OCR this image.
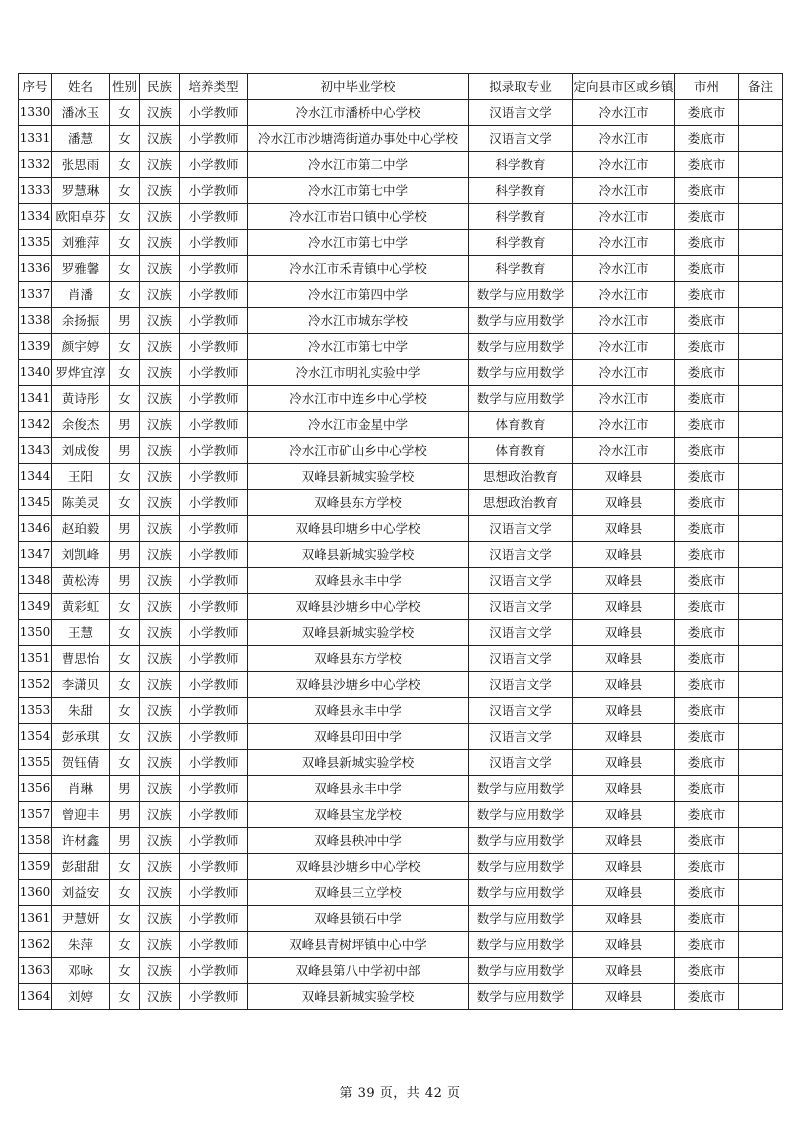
序号	姓名	性别	民族	培养类型	初中毕业学校	拟录取专业	定向县市区或乡镇	市州	备注
1330	潘冰玉	女	汉族	小学教师	冷水江市潘桥中心学校	汉语言文学	冷水江市	娄底市	
1331	潘慧	女	汉族	小学教师	冷水江市沙塘湾街道办事处中心学校	汉语言文学	冷水江市	娄底市	
1332	张思雨	女	汉族	小学教师	冷水江市第二中学	科学教育	冷水江市	娄底市	
1333	罗慧琳	女	汉族	小学教师	冷水江市第七中学	科学教育	冷水江市	娄底市	
1334	欧阳卓芬	女	汉族	小学教师	冷水江市岩口镇中心学校	科学教育	冷水江市	娄底市	
1335	刘雅萍	女	汉族	小学教师	冷水江市第七中学	科学教育	冷水江市	娄底市	
1336	罗雅馨	女	汉族	小学教师	冷水江市禾青镇中心学校	科学教育	冷水江市	娄底市	
1337	肖潘	女	汉族	小学教师	冷水江市第四中学	数学与应用数学	冷水江市	娄底市	
1338	余扬振	男	汉族	小学教师	冷水江市城东学校	数学与应用数学	冷水江市	娄底市	
1339	颜宇婷	女	汉族	小学教师	冷水江市第七中学	数学与应用数学	冷水江市	娄底市	
1340	罗烨宜淳	女	汉族	小学教师	冷水江市明礼实验中学	数学与应用数学	冷水江市	娄底市	
1341	黄诗彤	女	汉族	小学教师	冷水江市中连乡中心学校	数学与应用数学	冷水江市	娄底市	
1342	余俊杰	男	汉族	小学教师	冷水江市金星中学	体育教育	冷水江市	娄底市	
1343	刘成俊	男	汉族	小学教师	冷水江市矿山乡中心学校	体育教育	冷水江市	娄底市	
1344	王阳	女	汉族	小学教师	双峰县新城实验学校	思想政治教育	双峰县	娄底市	
1345	陈美灵	女	汉族	小学教师	双峰县东方学校	思想政治教育	双峰县	娄底市	
1346	赵珀毅	男	汉族	小学教师	双峰县印塘乡中心学校	汉语言文学	双峰县	娄底市	
1347	刘凯峰	男	汉族	小学教师	双峰县新城实验学校	汉语言文学	双峰县	娄底市	
1348	黄松涛	男	汉族	小学教师	双峰县永丰中学	汉语言文学	双峰县	娄底市	
1349	黄彩虹	女	汉族	小学教师	双峰县沙塘乡中心学校	汉语言文学	双峰县	娄底市	
1350	王慧	女	汉族	小学教师	双峰县新城实验学校	汉语言文学	双峰县	娄底市	
1351	曹思怡	女	汉族	小学教师	双峰县东方学校	汉语言文学	双峰县	娄底市	
1352	李潇贝	女	汉族	小学教师	双峰县沙塘乡中心学校	汉语言文学	双峰县	娄底市	
1353	朱甜	女	汉族	小学教师	双峰县永丰中学	汉语言文学	双峰县	娄底市	
1354	彭承琪	女	汉族	小学教师	双峰县印田中学	汉语言文学	双峰县	娄底市	
1355	贺钰倩	女	汉族	小学教师	双峰县新城实验学校	汉语言文学	双峰县	娄底市	
1356	肖琳	男	汉族	小学教师	双峰县永丰中学	数学与应用数学	双峰县	娄底市	
1357	曾迎丰	男	汉族	小学教师	双峰县宝龙学校	数学与应用数学	双峰县	娄底市	
1358	许材鑫	男	汉族	小学教师	双峰县秧冲中学	数学与应用数学	双峰县	娄底市	
1359	彭甜甜	女	汉族	小学教师	双峰县沙塘乡中心学校	数学与应用数学	双峰县	娄底市	
1360	刘益安	女	汉族	小学教师	双峰县三立学校	数学与应用数学	双峰县	娄底市	
1361	尹慧妍	女	汉族	小学教师	双峰县锁石中学	数学与应用数学	双峰县	娄底市	
1362	朱萍	女	汉族	小学教师	双峰县青树坪镇中心中学	数学与应用数学	双峰县	娄底市	
1363	邓咏	女	汉族	小学教师	双峰县第八中学初中部	数学与应用数学	双峰县	娄底市	
1364	刘婷	女	汉族	小学教师	双峰县新城实验学校	数学与应用数学	双峰县	娄底市	
第 39 页，共 42 页
